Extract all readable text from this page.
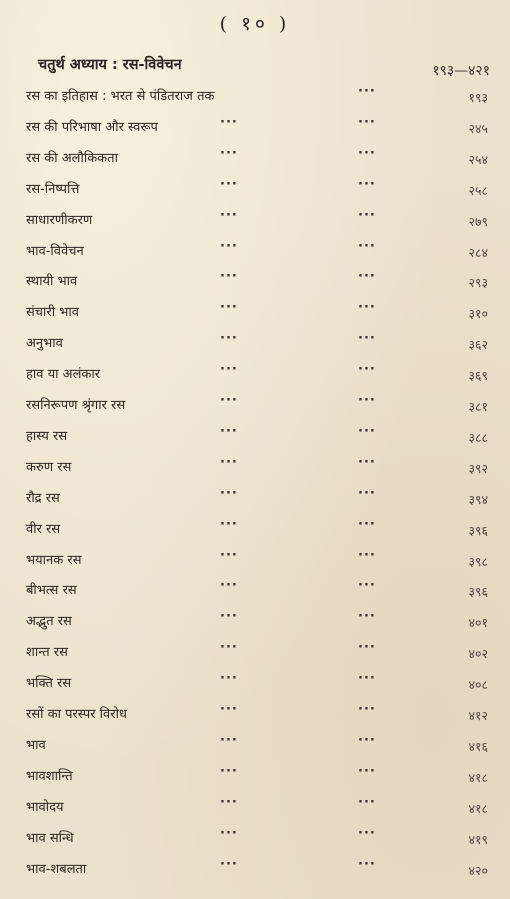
( १० )
चतुर्थ अध्याय : रस-विवेचन	१९३—४२१
रस का इतिहास : भरत से पंडितराज तक	···	१९३
रस की परिभाषा और स्वरूप	···	···	२४५
रस की अलौकिकता	···	···	२५४
रस-निष्पत्ति	···	···	२५८
साधारणीकरण	···	···	२७९
भाव-विवेचन	···	···	२८४
स्थायी भाव	···	···	२९३
संचारी भाव	···	···	३१०
अनुभाव	···	···	३६२
हाव या अलंकार	···	···	३६९
रसनिरूपण श्रृंगार रस	···	···	३८१
हास्य रस	···	···	३८८
करुण रस	···	···	३९२
रौद्र रस	···	···	३९४
वीर रस	···	···	३९६
भयानक रस	···	···	३९८
बीभत्स रस	···	···	३९६
अद्भुत रस	···	···	४०१
शान्त रस	···	···	४०२
भक्ति रस	···	···	४०८
रसों का परस्पर विरोध	···	···	४१२
भाव	···	···	४१६
भावशान्ति	···	···	४१८
भावोदय	···	···	४१८
भाव सन्धि	···	···	४१९
भाव-शबलता	···	···	४२०
